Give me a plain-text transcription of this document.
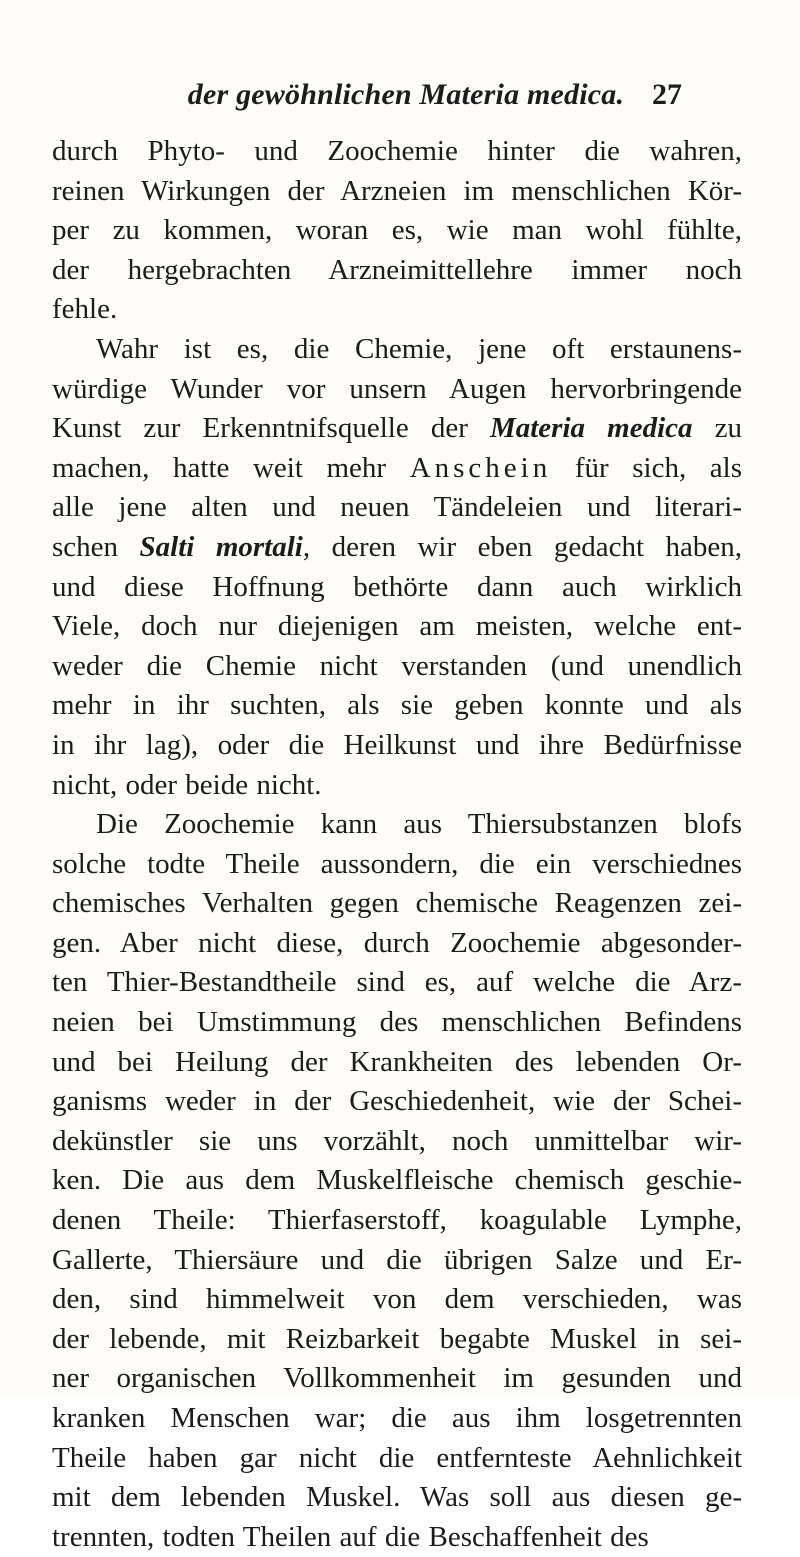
der gewöhnlichen Materia medica. 27
durch Phyto- und Zoochemie hinter die wahren,
reinen Wirkungen der Arzneien im menschlichen Kör-
per zu kommen, woran es, wie man wohl fühlte,
der hergebrachten Arzneimittellehre immer noch
fehle.
Wahr ist es, die Chemie, jene oft erstaunens-
würdige Wunder vor unsern Augen hervorbringende
Kunst zur Erkenntnifsquelle der Materia medica zu
machen, hatte weit mehr Anschein für sich, als
alle jene alten und neuen Tändeleien und literari-
schen Salti mortali, deren wir eben gedacht haben,
und diese Hoffnung bethörte dann auch wirklich
Viele, doch nur diejenigen am meisten, welche ent-
weder die Chemie nicht verstanden (und unendlich
mehr in ihr suchten, als sie geben konnte und als
in ihr lag), oder die Heilkunst und ihre Bedürfnisse
nicht, oder beide nicht.
Die Zoochemie kann aus Thiersubstanzen blofs
solche todte Theile aussondern, die ein verschiednes
chemisches Verhalten gegen chemische Reagenzen zei-
gen. Aber nicht diese, durch Zoochemie abgesonder-
ten Thier-Bestandtheile sind es, auf welche die Arz-
neien bei Umstimmung des menschlichen Befindens
und bei Heilung der Krankheiten des lebenden Or-
ganisms weder in der Geschiedenheit, wie der Schei-
dekünstler sie uns vorzählt, noch unmittelbar wir-
ken. Die aus dem Muskelfleische chemisch geschie-
denen Theile: Thierfaserstoff, koagulable Lymphe,
Gallerte, Thiersäure und die übrigen Salze und Er-
den, sind himmelweit von dem verschieden, was
der lebende, mit Reizbarkeit begabte Muskel in sei-
ner organischen Vollkommenheit im gesunden und
kranken Menschen war; die aus ihm losgetrennten
Theile haben gar nicht die entfernteste Aehnlichkeit
mit dem lebenden Muskel. Was soll aus diesen ge-
trennten, todten Theilen auf die Beschaffenheit des
